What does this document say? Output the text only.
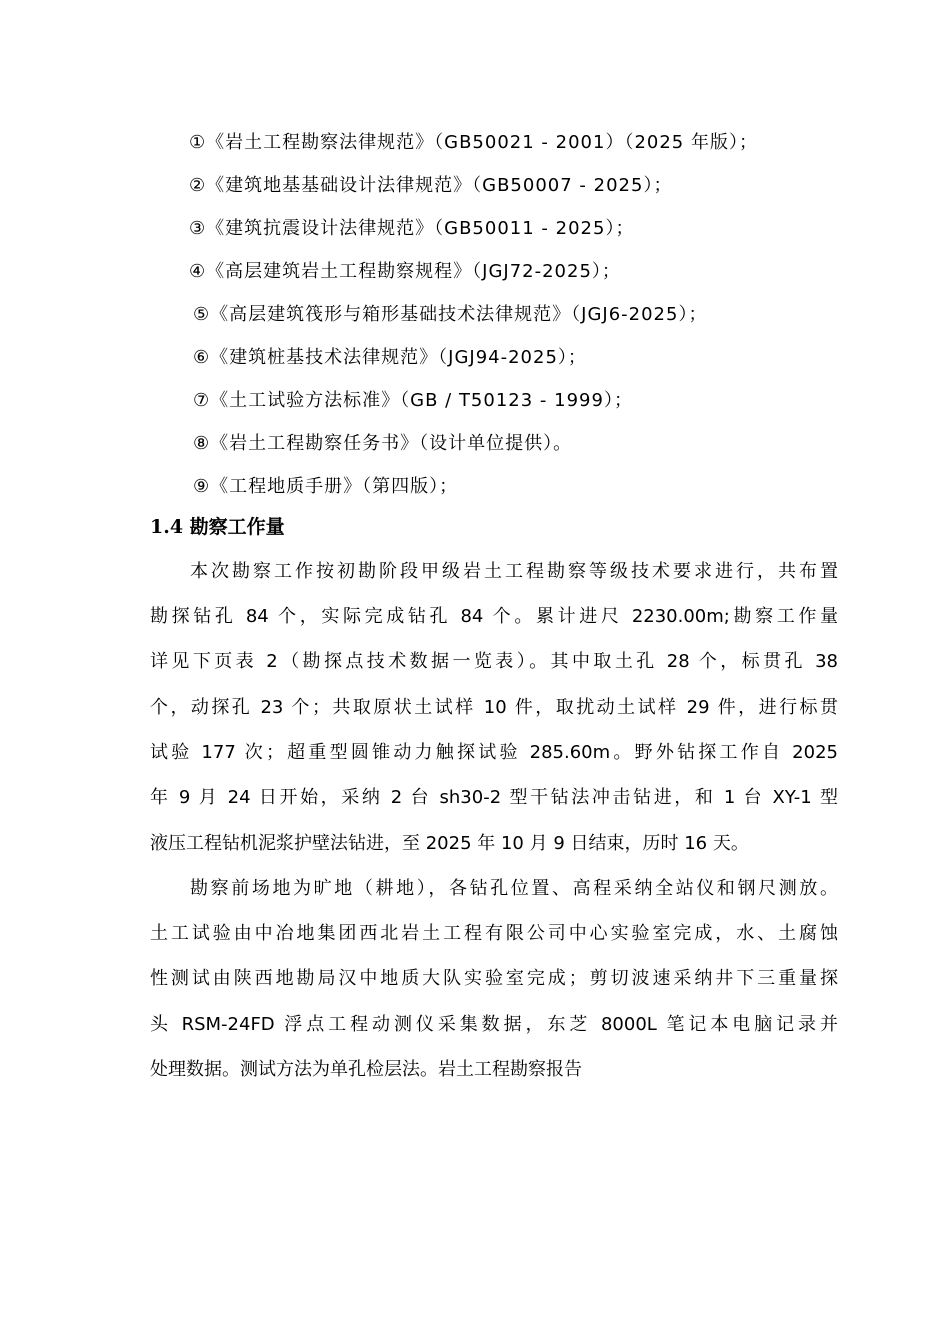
①《岩土工程勘察法律规范》（GB50021 - 2001）（2025 年版）；
②《建筑地基基础设计法律规范》（GB50007 - 2025）；
③《建筑抗震设计法律规范》（GB50011 - 2025）；
④《高层建筑岩土工程勘察规程》（JGJ72-2025）；
⑤《高层建筑筏形与箱形基础技术法律规范》（JGJ6-2025）；
⑥《建筑桩基技术法律规范》（JGJ94-2025）；
⑦《土工试验方法标准》（GB / T50123 - 1999）；
⑧《岩土工程勘察任务书》（设计单位提供）。
⑨《工程地质手册》（第四版）；
1.4 勘察工作量
本次勘察工作按初勘阶段甲级岩土工程勘察等级技术要求进行，共布置
勘探钻孔 84 个，实际完成钻孔 84 个。累计进尺 2230.00m;勘察工作量
详见下页表 2（勘探点技术数据一览表）。其中取土孔 28 个，标贯孔 38
个，动探孔 23 个；共取原状土试样 10 件，取扰动土试样 29 件，进行标贯
试验 177 次；超重型圆锥动力触探试验 285.60m。野外钻探工作自 2025
年 9 月 24 日开始，采纳 2 台 sh30-2 型干钻法冲击钻进，和 1 台 XY-1 型
液压工程钻机泥浆护壁法钻进，至 2025 年 10 月 9 日结束，历时 16 天。
勘察前场地为旷地（耕地），各钻孔位置、高程采纳全站仪和钢尺测放。
土工试验由中冶地集团西北岩土工程有限公司中心实验室完成，水、土腐蚀
性测试由陕西地勘局汉中地质大队实验室完成；剪切波速采纳井下三重量探
头 RSM-24FD 浮点工程动测仪采集数据，东芝 8000L 笔记本电脑记录并
处理数据。测试方法为单孔检层法。岩土工程勘察报告
